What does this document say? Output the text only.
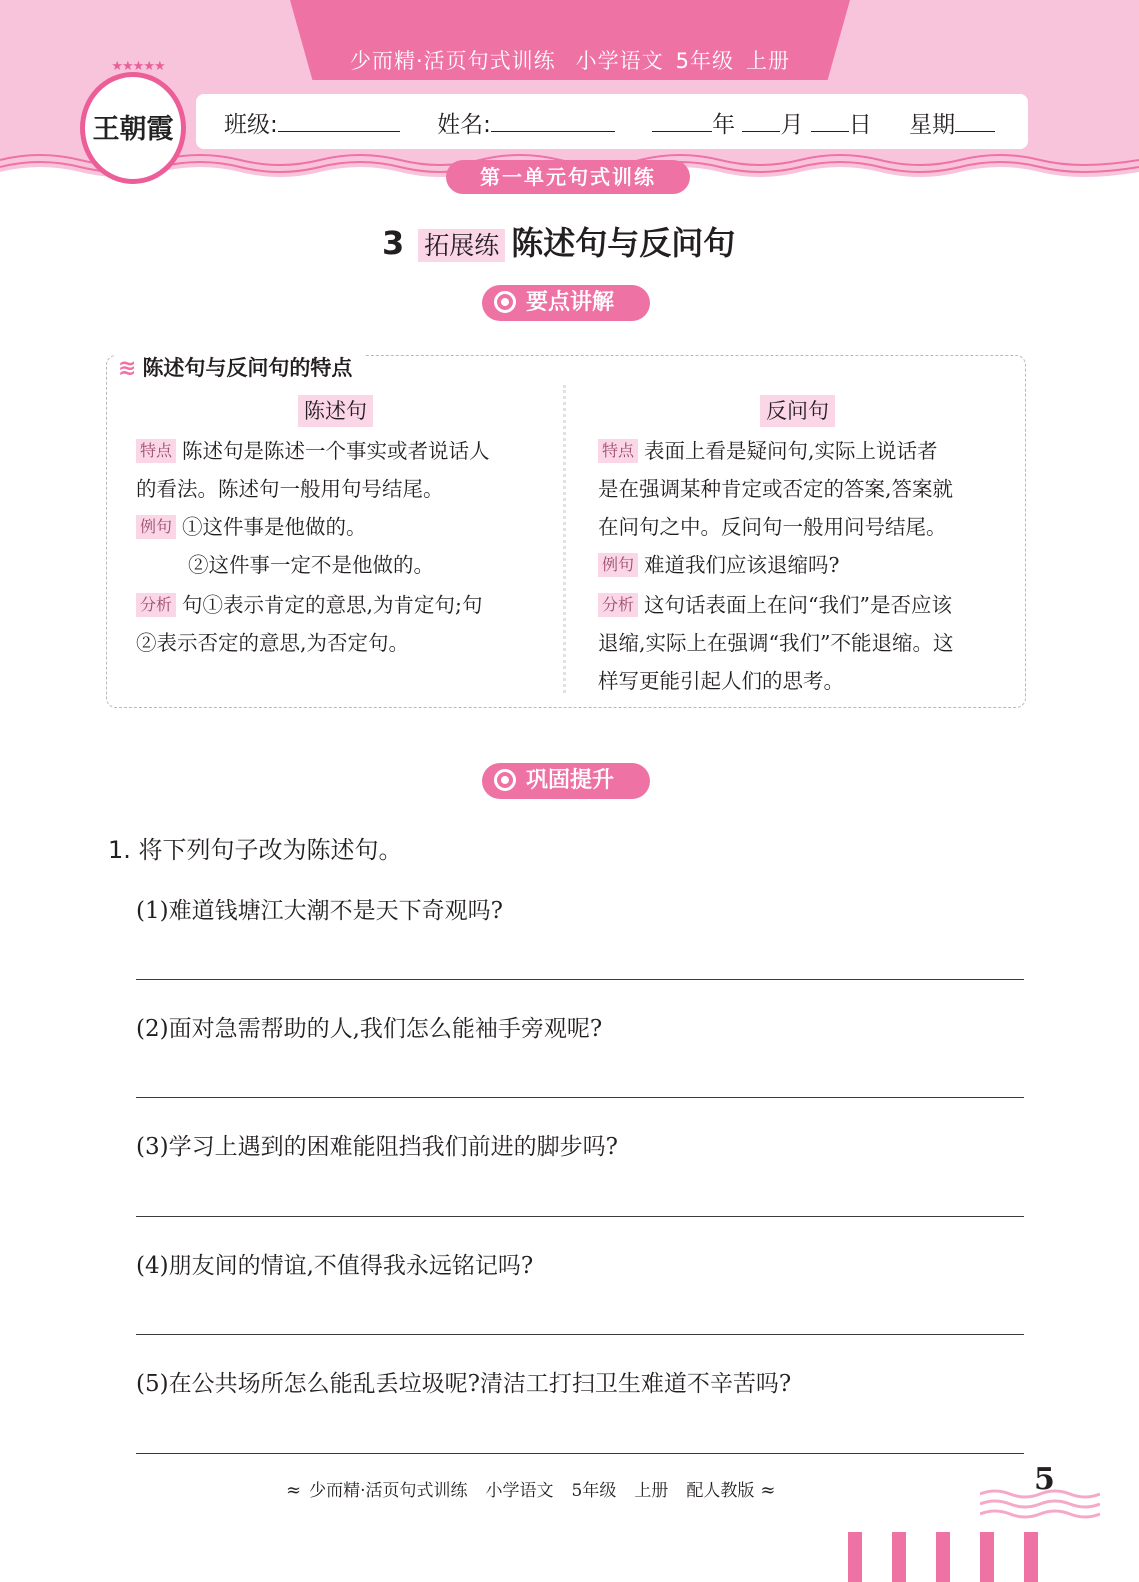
少而精·活页句式训练 小学语文 5年级 上册
★★★★★
王朝霞	班级:	姓名:	年 月 日 星期
第一单元句式训练
3 拓展练 陈述句与反问句
要点讲解
≋ 陈述句与反问句的特点
陈述句
特点 陈述句是陈述一个事实或者说话人
的看法。陈述句一般用句号结尾。
例句 ①这件事是他做的。
②这件事一定不是他做的。
分析 句①表示肯定的意思,为肯定句;句
②表示否定的意思,为否定句。
反问句
特点 表面上看是疑问句,实际上说话者
是在强调某种肯定或否定的答案,答案就
在问句之中。反问句一般用问号结尾。
例句 难道我们应该退缩吗?
分析 这句话表面上在问“我们”是否应该
退缩,实际上在强调“我们”不能退缩。这
样写更能引起人们的思考。
巩固提升
1. 将下列句子改为陈述句。
(1)难道钱塘江大潮不是天下奇观吗?
(2)面对急需帮助的人,我们怎么能袖手旁观呢?
(3)学习上遇到的困难能阻挡我们前进的脚步吗?
(4)朋友间的情谊,不值得我永远铭记吗?
(5)在公共场所怎么能乱丢垃圾呢?清洁工打扫卫生难道不辛苦吗?
≈ 少而精·活页句式训练 小学语文 5年级 上册 配人教版 ≈	5
